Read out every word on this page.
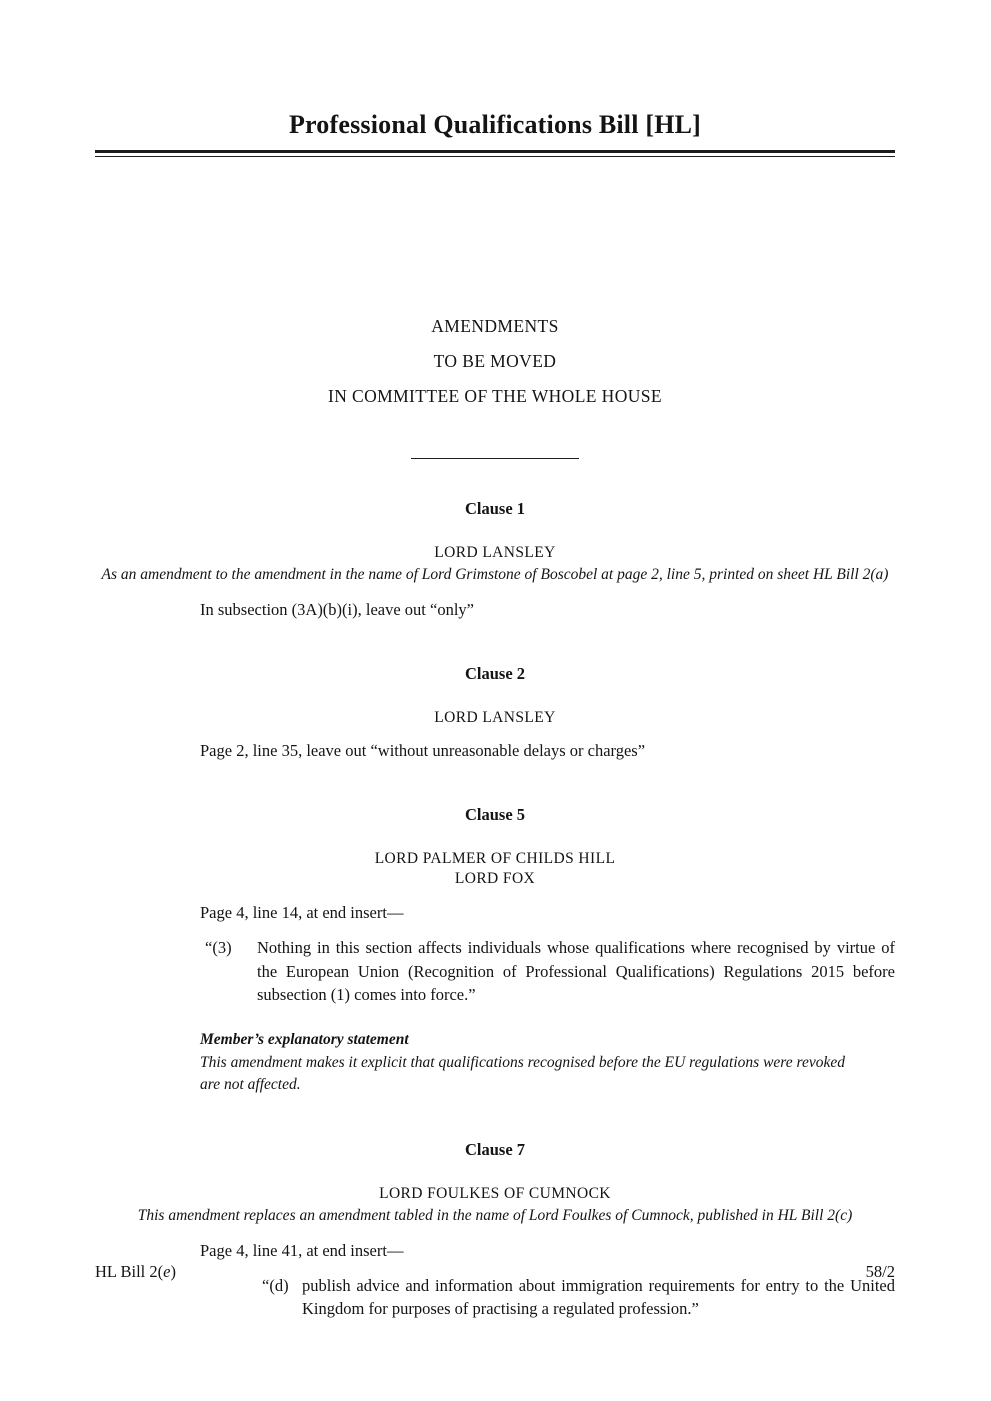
Professional Qualifications Bill [HL]
AMENDMENTS
TO BE MOVED
IN COMMITTEE OF THE WHOLE HOUSE
Clause 1
LORD LANSLEY
As an amendment to the amendment in the name of Lord Grimstone of Boscobel at page 2, line 5, printed on sheet HL Bill 2(a)
In subsection (3A)(b)(i), leave out “only”
Clause 2
LORD LANSLEY
Page 2, line 35, leave out “without unreasonable delays or charges”
Clause 5
LORD PALMER OF CHILDS HILL
LORD FOX
Page 4, line 14, at end insert—
“(3)	Nothing in this section affects individuals whose qualifications where recognised by virtue of the European Union (Recognition of Professional Qualifications) Regulations 2015 before subsection (1) comes into force.”
Member’s explanatory statement
This amendment makes it explicit that qualifications recognised before the EU regulations were revoked are not affected.
Clause 7
LORD FOULKES OF CUMNOCK
This amendment replaces an amendment tabled in the name of Lord Foulkes of Cumnock, published in HL Bill 2(c)
Page 4, line 41, at end insert—
“(d) publish advice and information about immigration requirements for entry to the United Kingdom for purposes of practising a regulated profession.”
HL Bill 2(e)	58/2
